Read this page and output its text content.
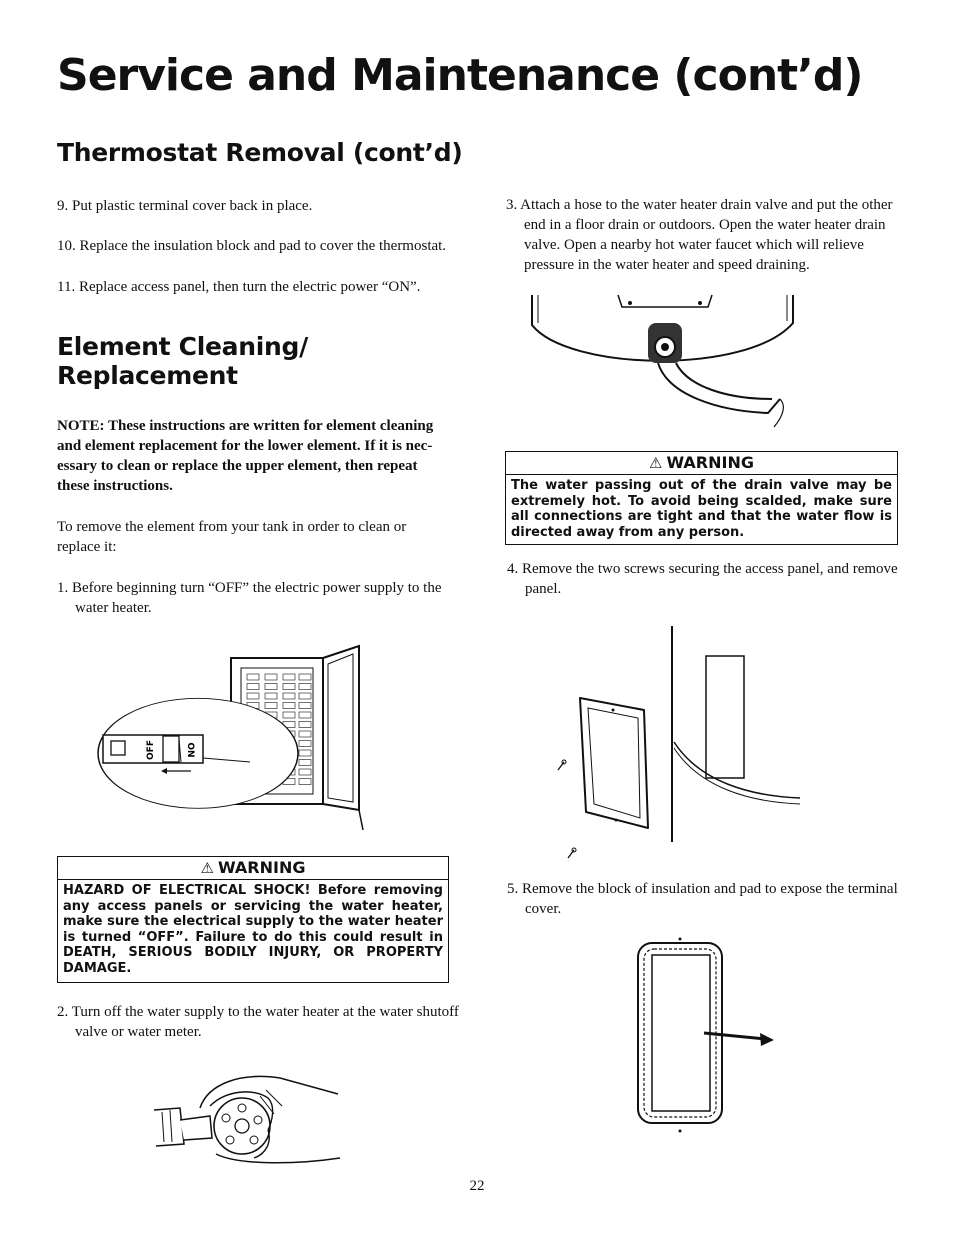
Service and Maintenance (cont’d)
Thermostat Removal (cont’d)

9. Put plastic terminal cover back in place.

10. Replace the insulation block and pad to cover the thermostat.

11. Replace access panel, then turn the electric power “ON”.

Element Cleaning/
Replacement

NOTE: These instructions are written for element cleaning and element replacement for the lower element. If it is nec- essary to clean or replace the upper element, then repeat these instructions.

To remove the element from your tank in order to clean or replace it:

1. Before beginning turn “OFF” the electric power supply to the water heater.

OFF	ON
⚠ WARNING
HAZARD OF ELECTRICAL SHOCK! Before removing any access panels or servicing the water heater, make sure the electrical supply to the water heater is turned “OFF”. Failure to do this could result in DEATH, SERIOUS BODILY INJURY, OR PROPERTY DAMAGE.

2. Turn off the water supply to the water heater at the water shutoff valve or water meter.

3. Attach a hose to the water heater drain valve and put the other end in a floor drain or outdoors. Open the water heater drain valve. Open a nearby hot water faucet which will relieve pressure in the water heater and speed draining.

⚠ WARNING
The water passing out of the drain valve may be extremely hot. To avoid being scalded, make sure all connections are tight and that the water flow is directed away from any person.

4. Remove the two screws securing the access panel, and remove panel.

5. Remove the block of insulation and pad to expose the terminal cover.

22
